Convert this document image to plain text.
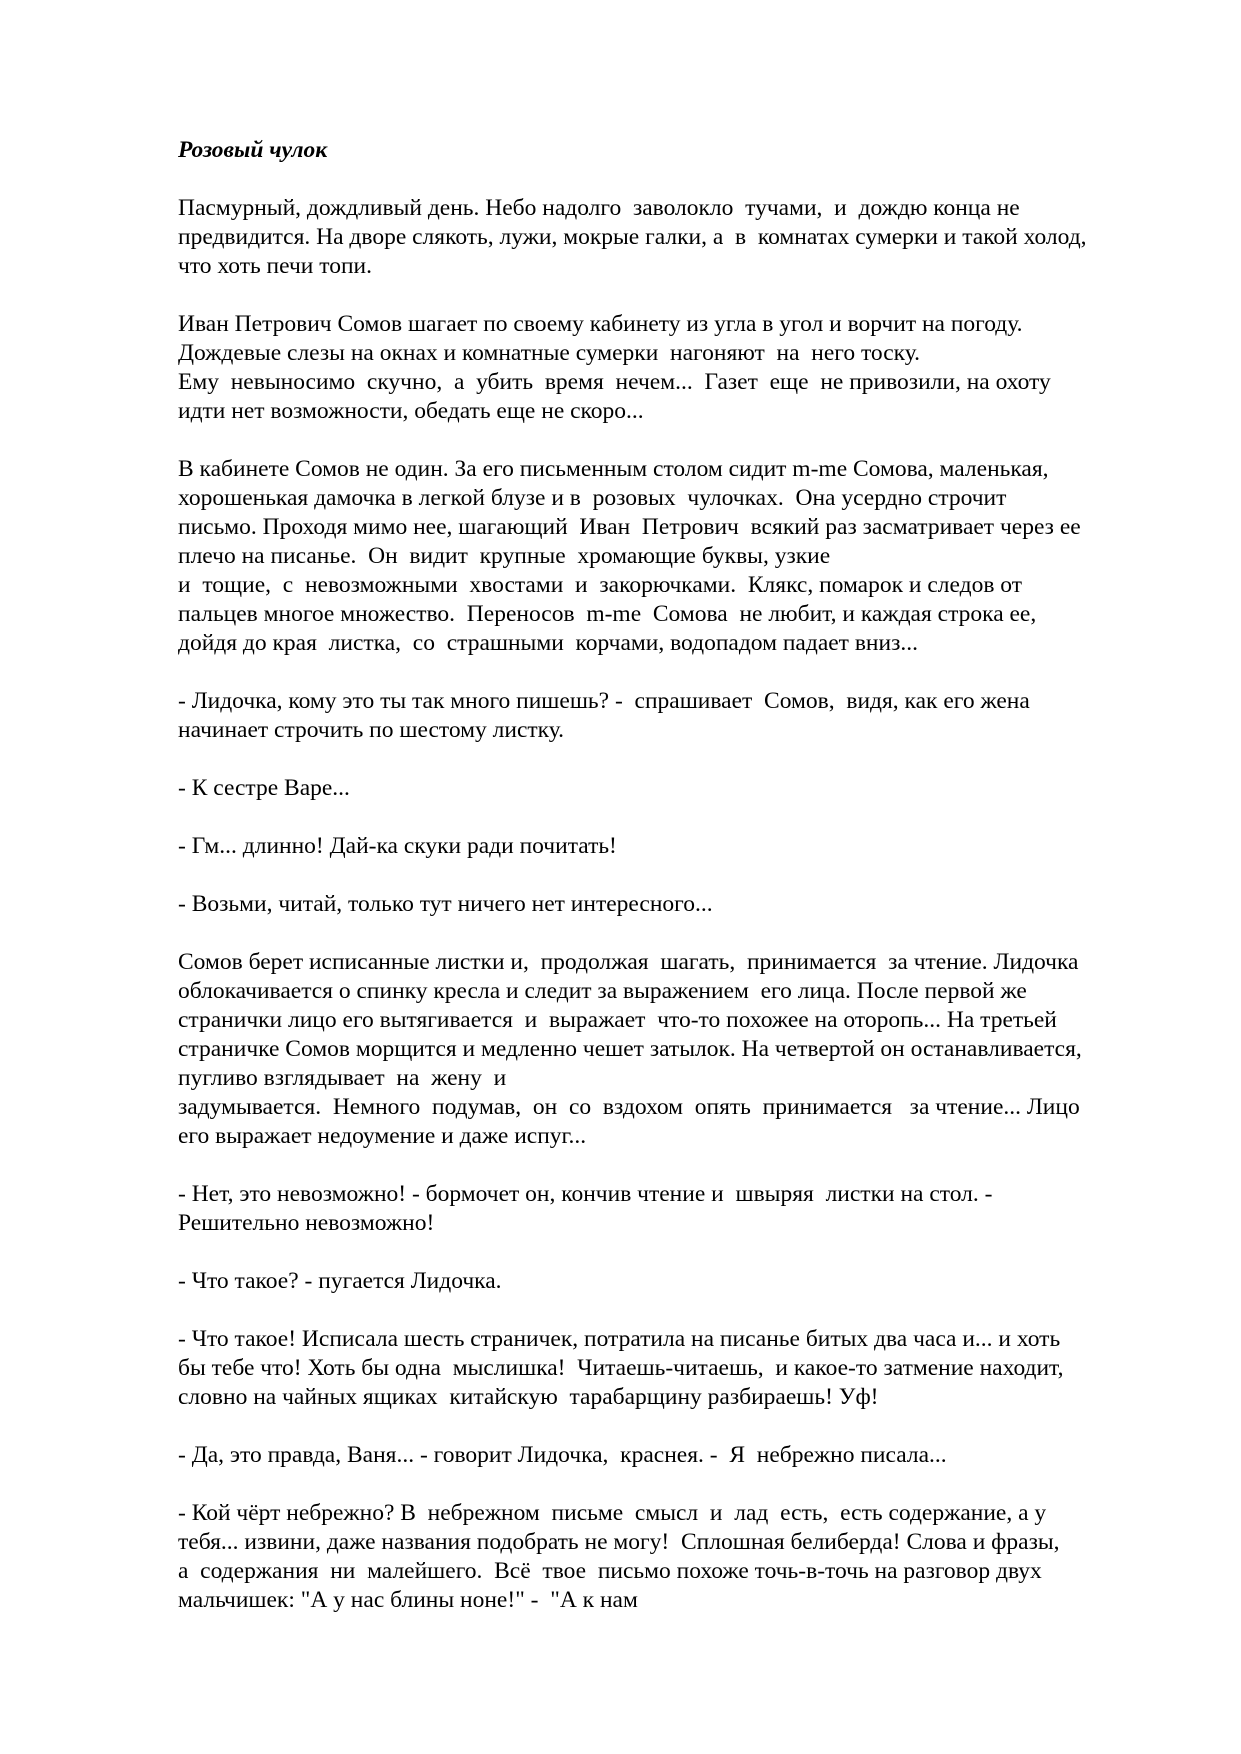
Розовый чулок
Пасмурный, дождливый день. Небо надолго  заволокло  тучами,  и  дождю конца не
предвидится. На дворе слякоть, лужи, мокрые галки, а  в  комнатах сумерки и такой холод,
что хоть печи топи.
Иван Петрович Сомов шагает по своему кабинету из угла в угол и ворчит на погоду.
Дождевые слезы на окнах и комнатные сумерки  нагоняют  на  него тоску.
Ему  невыносимо  скучно,  а  убить  время  нечем...  Газет  еще  не привозили, на охоту
идти нет возможности, обедать еще не скоро...
В кабинете Сомов не один. За его письменным столом сидит m-me Сомова, маленькая,
хорошенькая дамочка в легкой блузе и в  розовых  чулочках.  Она усердно строчит
письмо. Проходя мимо нее, шагающий  Иван  Петрович  всякий раз засматривает через ее
плечо на писанье.  Он  видит  крупные  хромающие буквы, узкие
и  тощие,  с  невозможными  хвостами  и  закорючками.  Клякс, помарок и следов от
пальцев многое множество.  Переносов  m-me  Сомова  не любит, и каждая строка ее,
дойдя до края  листка,  со  страшными  корчами, водопадом падает вниз...
- Лидочка, кому это ты так много пишешь? -  спрашивает  Сомов,  видя, как его жена
начинает строчить по шестому листку.
- К сестре Варе...
- Гм... длинно! Дай-ка скуки ради почитать!
- Возьми, читай, только тут ничего нет интересного...
Сомов берет исписанные листки и,  продолжая  шагать,  принимается  за чтение. Лидочка
облокачивается о спинку кресла и следит за выражением  его лица. После первой же
странички лицо его вытягивается  и  выражает  что-то похожее на оторопь... На третьей
страничке Сомов морщится и медленно чешет затылок. На четвертой он останавливается,
пугливо взглядывает  на  жену  и
задумывается.  Немного  подумав,  он  со  вздохом  опять  принимается   за чтение... Лицо
его выражает недоумение и даже испуг...
- Нет, это невозможно! - бормочет он, кончив чтение и  швыряя  листки на стол. -
Решительно невозможно!
- Что такое? - пугается Лидочка.
- Что такое! Исписала шесть страничек, потратила на писанье битых два часа и... и хоть
бы тебе что! Хоть бы одна  мыслишка!  Читаешь-читаешь,  и какое-то затмение находит,
словно на чайных ящиках  китайскую  тарабарщину разбираешь! Уф!
- Да, это правда, Ваня... - говорит Лидочка,  краснея. -  Я  небрежно писала...
- Кой чёрт небрежно? В  небрежном  письме  смысл  и  лад  есть,  есть содержание, а у
тебя... извини, даже названия подобрать не могу!  Сплошная белиберда! Слова и фразы,
а  содержания  ни  малейшего.  Всё  твое  письмо похоже точь-в-точь на разговор двух
мальчишек: "А у нас блины ноне!" -  "А к нам
